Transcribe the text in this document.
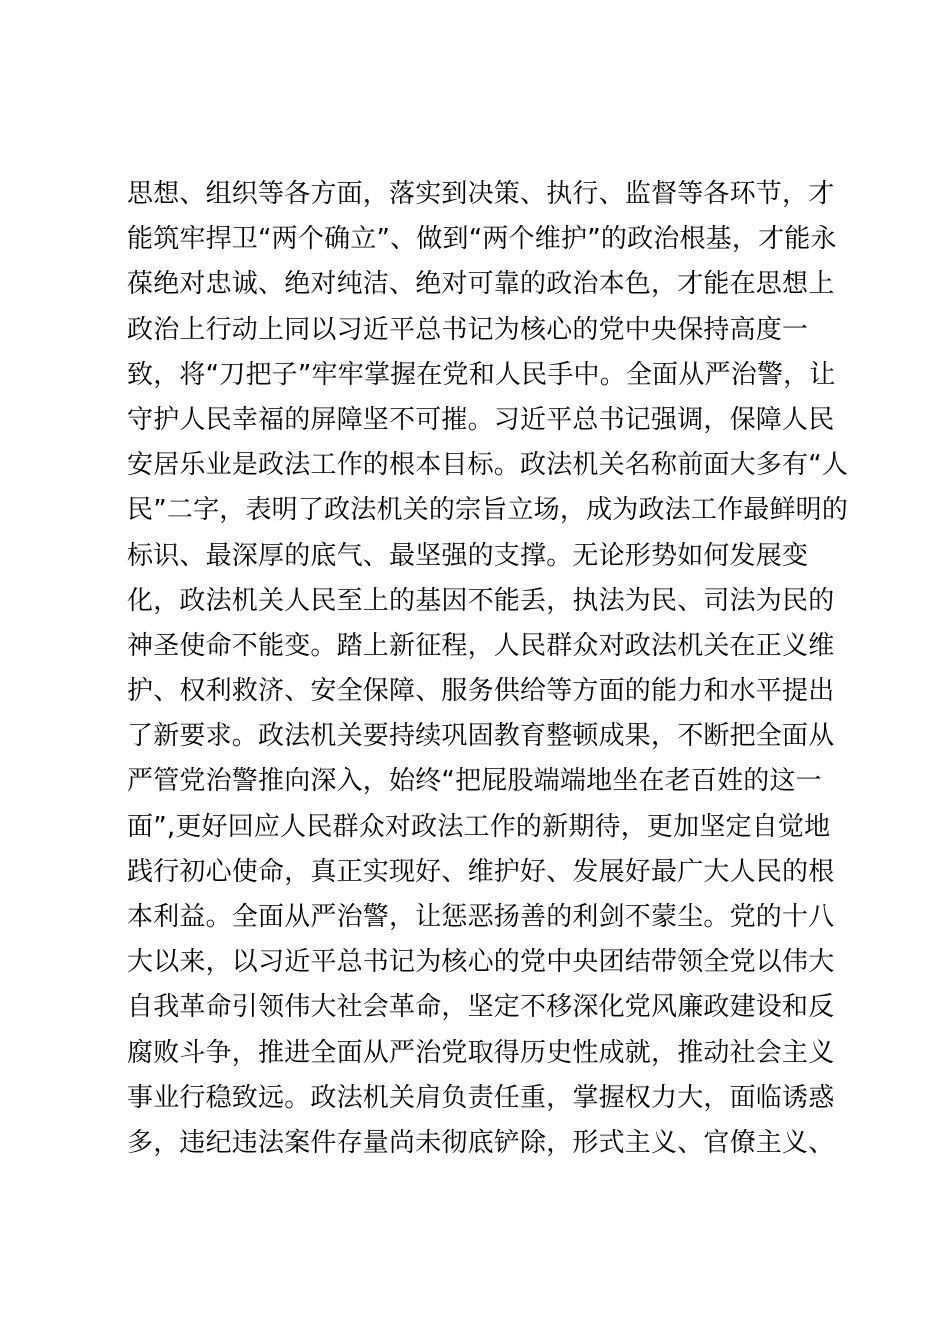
思想、组织等各方面，落实到决策、执行、监督等各环节，才
能筑牢捍卫“两个确立”、做到“两个维护”的政治根基，才能永
葆绝对忠诚、绝对纯洁、绝对可靠的政治本色，才能在思想上
政治上行动上同以习近平总书记为核心的党中央保持高度一
致，将“刀把子”牢牢掌握在党和人民手中。全面从严治警，让
守护人民幸福的屏障坚不可摧。习近平总书记强调，保障人民
安居乐业是政法工作的根本目标。政法机关名称前面大多有“人
民”二字，表明了政法机关的宗旨立场，成为政法工作最鲜明的
标识、最深厚的底气、最坚强的支撑。无论形势如何发展变
化，政法机关人民至上的基因不能丢，执法为民、司法为民的
神圣使命不能变。踏上新征程，人民群众对政法机关在正义维
护、权利救济、安全保障、服务供给等方面的能力和水平提出
了新要求。政法机关要持续巩固教育整顿成果，不断把全面从
严管党治警推向深入，始终“把屁股端端地坐在老百姓的这一
面”,更好回应人民群众对政法工作的新期待，更加坚定自觉地
践行初心使命，真正实现好、维护好、发展好最广大人民的根
本利益。全面从严治警，让惩恶扬善的利剑不蒙尘。党的十八
大以来，以习近平总书记为核心的党中央团结带领全党以伟大
自我革命引领伟大社会革命，坚定不移深化党风廉政建设和反
腐败斗争，推进全面从严治党取得历史性成就，推动社会主义
事业行稳致远。政法机关肩负责任重，掌握权力大，面临诱惑
多，违纪违法案件存量尚未彻底铲除，形式主义、官僚主义、
